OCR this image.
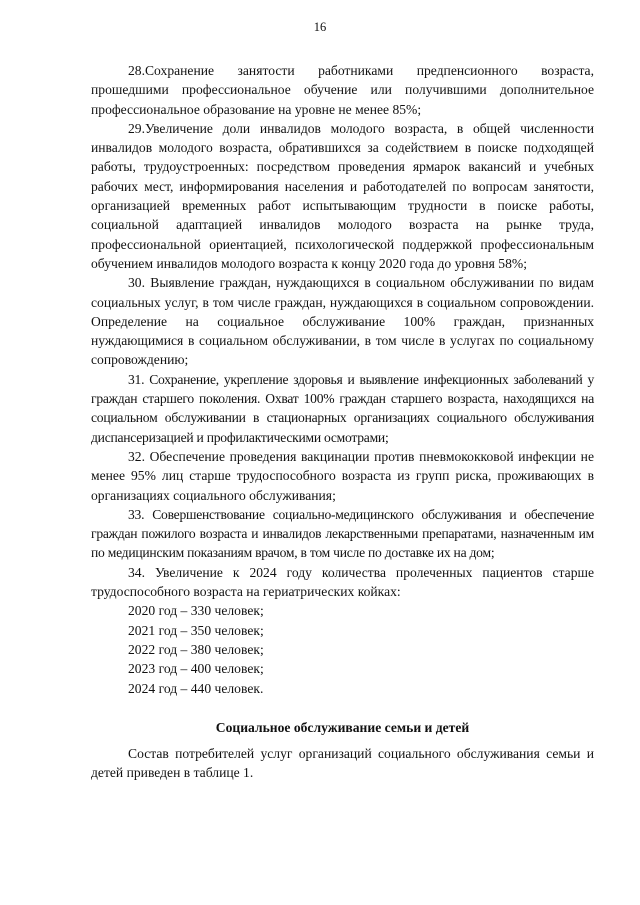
16

28.Сохранение занятости работниками предпенсионного возраста, прошедшими профессиональное обучение или получившими дополнительное профессиональное образование на уровне не менее 85%;

29.Увеличение доли инвалидов молодого возраста, в общей численности инвалидов молодого возраста, обратившихся за содействием в поиске подходящей работы, трудоустроенных: посредством проведения ярмарок вакансий и учебных рабочих мест, информирования населения и работодателей по вопросам занятости, организацией временных работ испытывающим трудности в поиске работы, социальной адаптацией инвалидов молодого возраста на рынке труда, профессиональной ориентацией, психологической поддержкой профессиональным обучением инвалидов молодого возраста к концу 2020 года до уровня 58%;

30. Выявление граждан, нуждающихся в социальном обслуживании по видам социальных услуг, в том числе граждан, нуждающихся в социальном сопровождении. Определение на социальное обслуживание 100% граждан, признанных нуждающимися в социальном обслуживании, в том числе в услугах по социальному сопровождению;

31. Сохранение, укрепление здоровья и выявление инфекционных заболеваний у граждан старшего поколения. Охват 100% граждан старшего возраста, находящихся на социальном обслуживании в стационарных организациях социального обслуживания диспансеризацией и профилактическими осмотрами;

32. Обеспечение проведения вакцинации против пневмококковой инфекции не менее 95% лиц старше трудоспособного возраста из групп риска, проживающих в организациях социального обслуживания;

33. Совершенствование социально-медицинского обслуживания и обеспечение граждан пожилого возраста и инвалидов лекарственными препаратами, назначенным им по медицинским показаниям врачом, в том числе по доставке их на дом;

34. Увеличение к 2024 году количества пролеченных пациентов старше трудоспособного возраста на гериатрических койках:

2020 год – 330 человек;
2021 год – 350 человек;
2022 год – 380 человек;
2023 год – 400 человек;
2024 год – 440 человек.
Социальное обслуживание семьи и детей

Состав потребителей услуг организаций социального обслуживания семьи и детей приведен в таблице 1.
